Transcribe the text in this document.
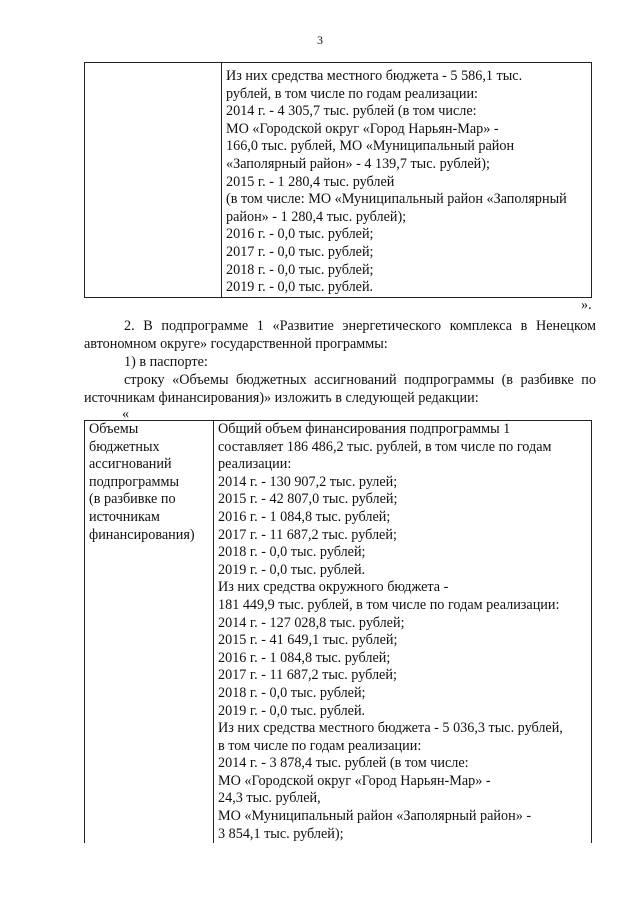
3

Из них средства местного бюджета - 5 586,1 тыс.
рублей, в том числе по годам реализации:
2014 г. - 4 305,7 тыс. рублей (в том числе:
МО «Городской округ «Город Нарьян-Мар» -
166,0 тыс. рублей, МО «Муниципальный район
«Заполярный район» - 4 139,7 тыс. рублей);
2015 г. - 1 280,4 тыс. рублей
(в том числе: МО «Муниципальный район «Заполярный
район» - 1 280,4 тыс. рублей);
2016 г. - 0,0 тыс. рублей;
2017 г. - 0,0 тыс. рублей;
2018 г. - 0,0 тыс. рублей;
2019 г. - 0,0 тыс. рублей.
».
2. В подпрограмме 1 «Развитие энергетического комплекса в Ненецком автономном округе» государственной программы:
1) в паспорте:
строку «Объемы бюджетных ассигнований подпрограммы (в разбивке по источникам финансирования)» изложить в следующей редакции:
«
Объемы
бюджетных
ассигнований
подпрограммы
(в разбивке по
источникам
финансирования)

Общий объем финансирования подпрограммы 1
составляет 186 486,2 тыс. рублей, в том числе по годам
реализации:
2014 г. - 130 907,2 тыс. рулей;
2015 г. - 42 807,0 тыс. рублей;
2016 г. - 1 084,8 тыс. рублей;
2017 г. - 11 687,2 тыс. рублей;
2018 г. - 0,0 тыс. рублей;
2019 г. - 0,0 тыс. рублей.
Из них средства окружного бюджета -
181 449,9 тыс. рублей, в том числе по годам реализации:
2014 г. - 127 028,8 тыс. рублей;
2015 г. - 41 649,1 тыс. рублей;
2016 г. - 1 084,8 тыс. рублей;
2017 г. - 11 687,2 тыс. рублей;
2018 г. - 0,0 тыс. рублей;
2019 г. - 0,0 тыс. рублей.
Из них средства местного бюджета - 5 036,3 тыс. рублей,
в том числе по годам реализации:
2014 г. - 3 878,4 тыс. рублей (в том числе:
МО «Городской округ «Город Нарьян-Мар» -
24,3 тыс. рублей,
МО «Муниципальный район «Заполярный район» -
3 854,1 тыс. рублей);
